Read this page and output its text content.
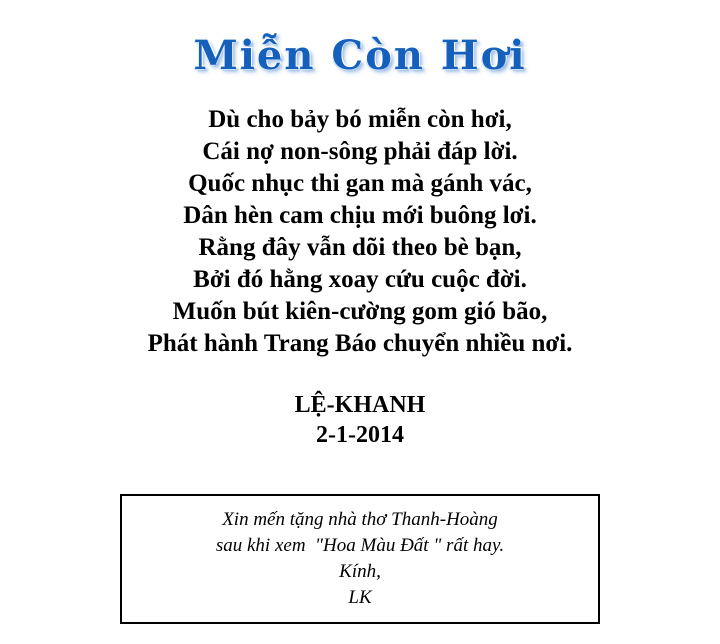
Miễn Còn Hơi
Dù cho bảy bó miễn còn hơi,
Cái nợ non-sông phải đáp lời.
Quốc nhục thi gan mà gánh vác,
Dân hèn cam chịu mới buông lơi.
Rằng đây vẫn dõi theo bè bạn,
Bởi đó hằng xoay cứu cuộc đời.
Muốn bút kiên-cường gom gió bão,
Phát hành Trang Báo chuyển nhiều nơi.
LỆ-KHANH
2-1-2014
Xin mến tặng nhà thơ Thanh-Hoàng
sau khi xem  "Hoa Màu Đất " rất hay.
Kính,
LK
